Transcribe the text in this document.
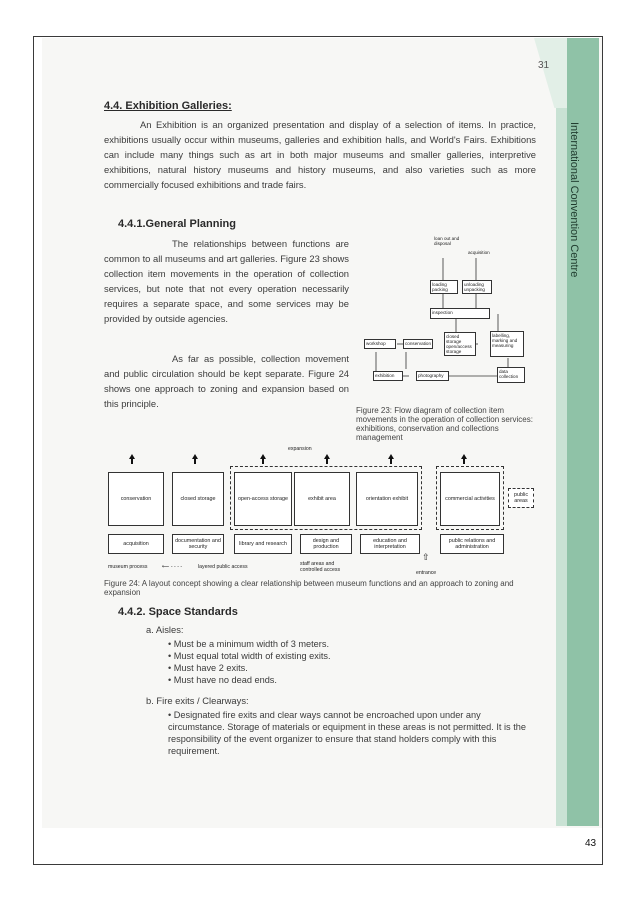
International Convention Centre
31
43
4.4. Exhibition Galleries:
An Exhibition is an organized presentation and display of a selection of items. In practice, exhibitions usually occur within museums, galleries and exhibition halls, and World's Fairs. Exhibitions can include many things such as art in both major museums and smaller galleries, interpretive exhibitions, natural history museums and history museums, and also varieties such as more commercially focused exhibitions and trade fairs.
4.4.1.General Planning
The relationships between functions are common to all museums and art galleries. Figure 23 shows collection item movements in the operation of collection services, but note that not every operation necessarily requires a separate space, and some services may be provided by outside agencies.
As far as possible, collection movement and public circulation should be kept separate. Figure 24 shows one approach to zoning and expansion based on this principle.
loan out and disposal
acquisition
loading packing
unloading unpacking
inspection
workshop	conservation
closed storage open/access storage
labelling, marking and measuring
data collection
exhibition	photography
Figure 23: Flow diagram of collection item movements in the operation of collection services: exhibitions, conservation and collections management
expansion
conservation	closed storage	open-access storage	exhibit area	orientation exhibit	commercial activities
public areas
acquisition	documentation and security	library and research	design and production
education and interpretation
public relations and administration
museum process	⟵ - - - -	layered public access	staff areas and controlled access	entrance
⇧
Figure 24: A layout concept showing a clear relationship between museum functions and an approach to zoning and expansion
4.4.2. Space Standards
a. Aisles:
• Must be a minimum width of 3 meters.
• Must equal total width of existing exits.
• Must have 2 exits.
• Must have no dead ends.
b. Fire exits / Clearways:
• Designated fire exits and clear ways cannot be encroached upon under any circumstance. Storage of materials or equipment in these areas is not permitted. It is the responsibility of the event organizer to ensure that stand holders comply with this requirement.
